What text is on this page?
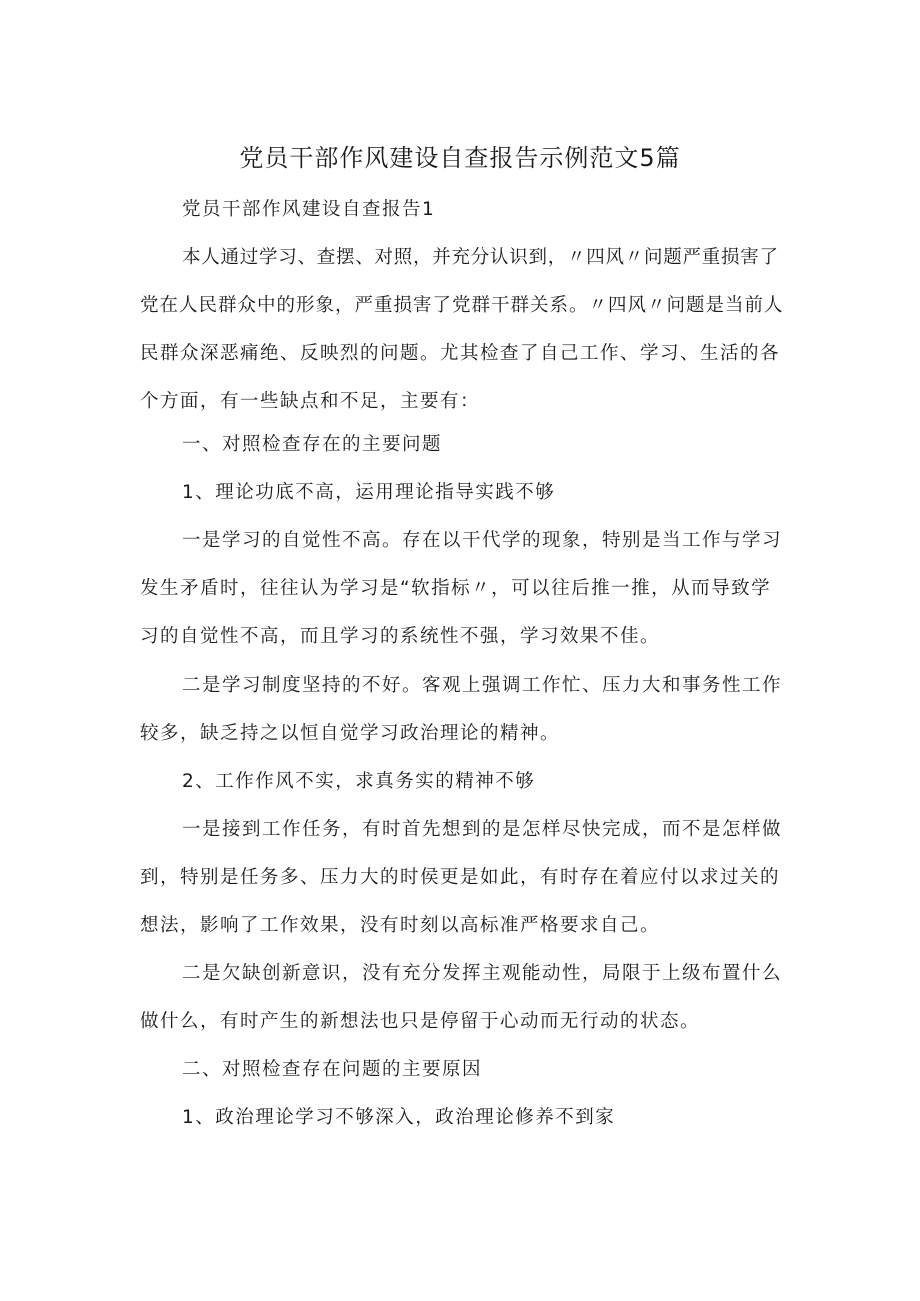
党员干部作风建设自查报告示例范文5篇
党员干部作风建设自查报告1
本人通过学习、查摆、对照，并充分认识到，〃四风〃问题严重损害了
党在人民群众中的形象，严重损害了党群干群关系。〃四风〃问题是当前人
民群众深恶痛绝、反映烈的问题。尤其检查了自己工作、学习、生活的各
个方面，有一些缺点和不足，主要有：
一、对照检查存在的主要问题
1、理论功底不高，运用理论指导实践不够
一是学习的自觉性不高。存在以干代学的现象，特别是当工作与学习
发生矛盾时，往往认为学习是“软指标〃，可以往后推一推，从而导致学
习的自觉性不高，而且学习的系统性不强，学习效果不佳。
二是学习制度坚持的不好。客观上强调工作忙、压力大和事务性工作
较多，缺乏持之以恒自觉学习政治理论的精神。
2、工作作风不实，求真务实的精神不够
一是接到工作任务，有时首先想到的是怎样尽快完成，而不是怎样做
到，特别是任务多、压力大的时侯更是如此，有时存在着应付以求过关的
想法，影响了工作效果，没有时刻以高标准严格要求自己。
二是欠缺创新意识，没有充分发挥主观能动性，局限于上级布置什么
做什么，有时产生的新想法也只是停留于心动而无行动的状态。
二、对照检查存在问题的主要原因
1、政治理论学习不够深入，政治理论修养不到家
